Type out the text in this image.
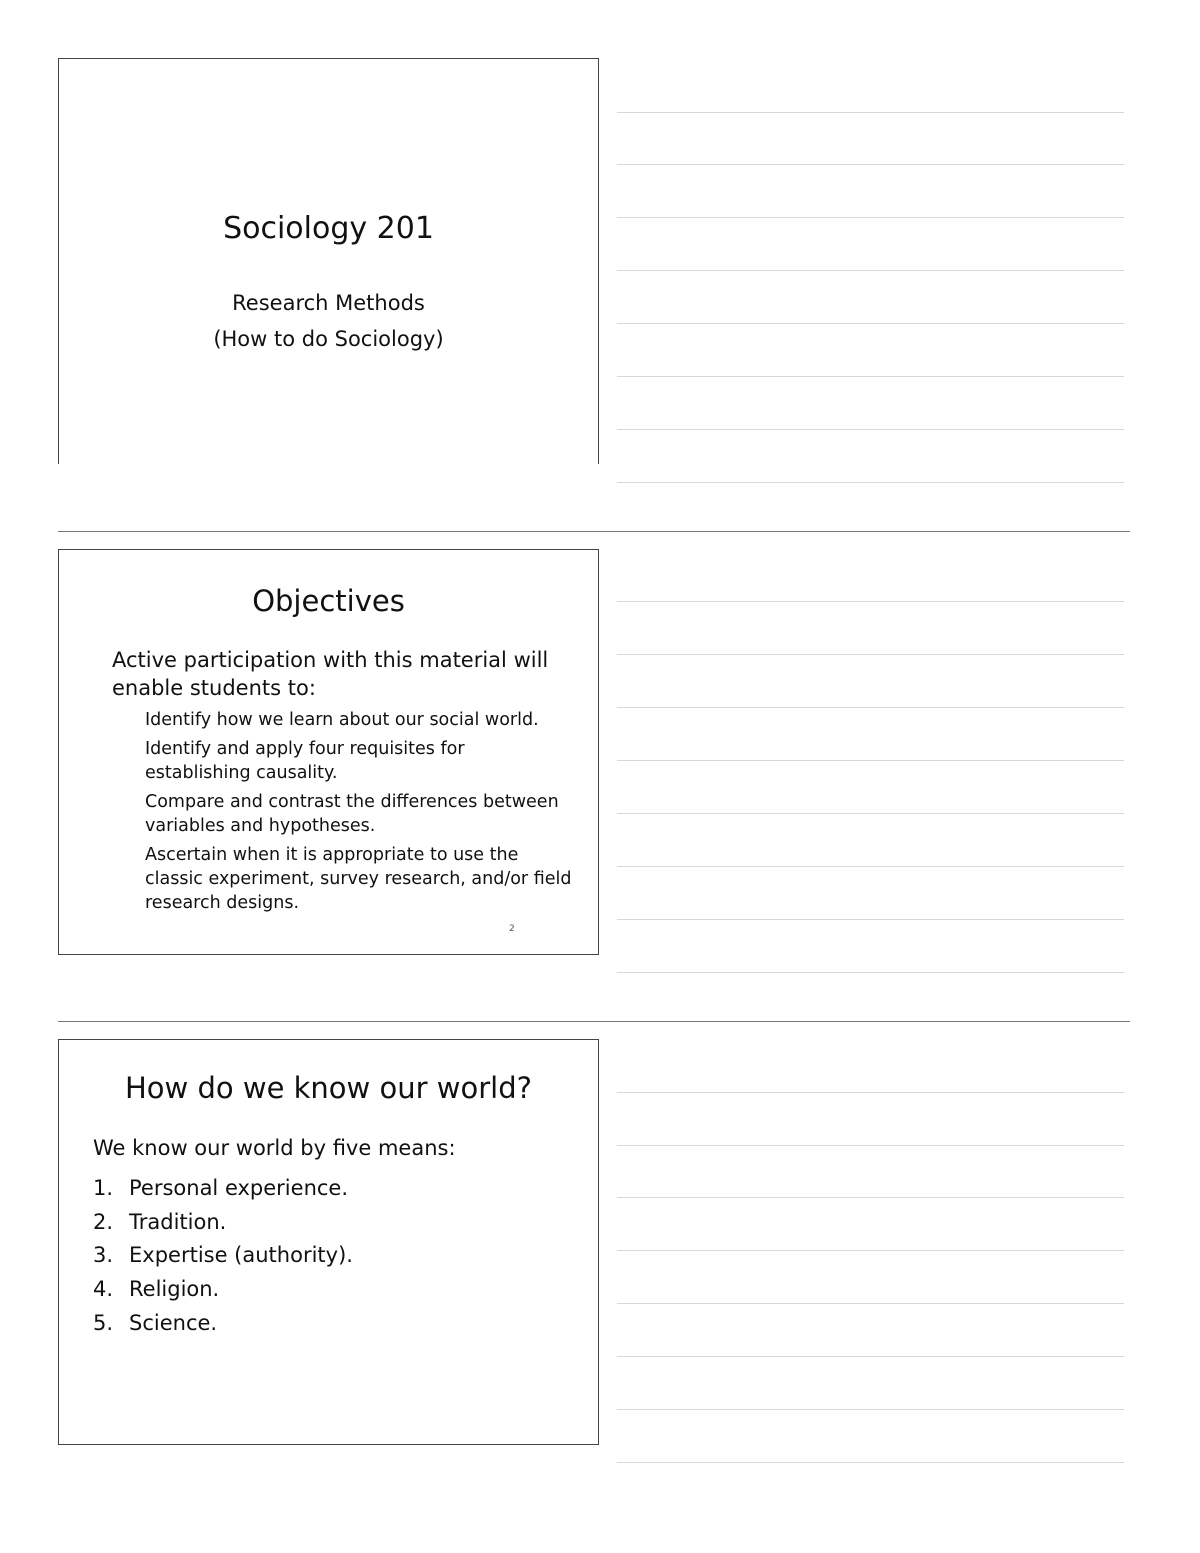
Sociology 201
Research Methods
(How to do Sociology)
Objectives
Active participation with this material will enable students to:
Identify how we learn about our social world.
Identify and apply four requisites for establishing causality.
Compare and contrast the differences between variables and hypotheses.
Ascertain when it is appropriate to use the classic experiment, survey research, and/or field research designs.
2
How do we know our world?
We know our world by five means:
1. Personal experience.
2. Tradition.
3. Expertise (authority).
4. Religion.
5. Science.
